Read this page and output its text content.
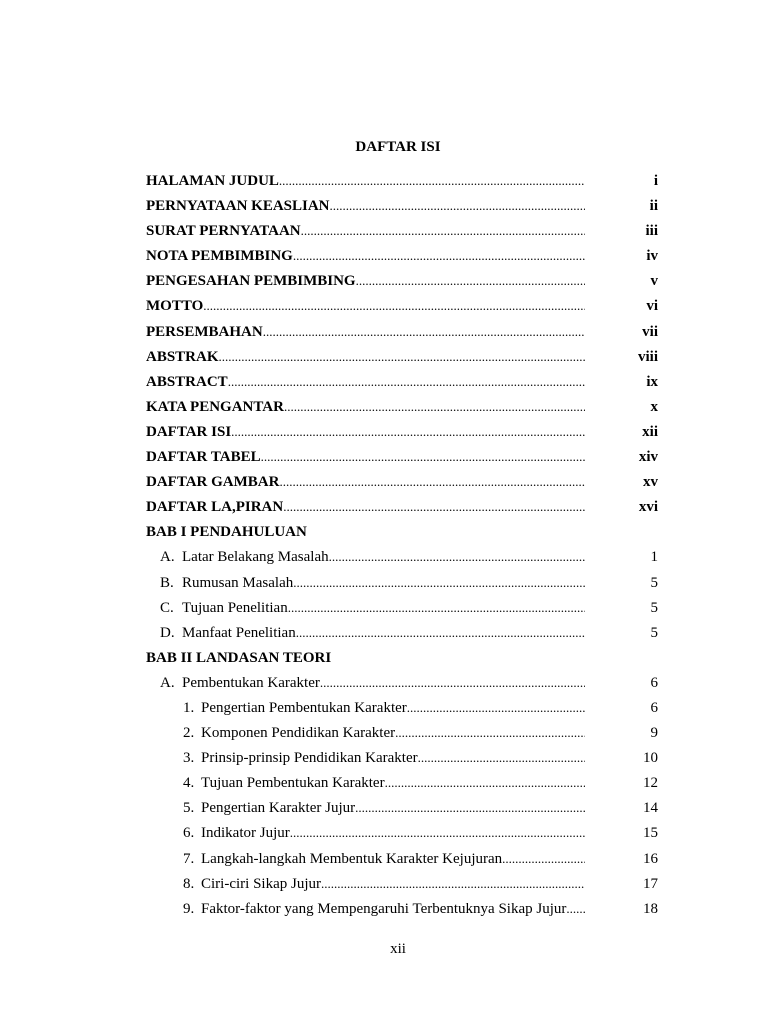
DAFTAR ISI
HALAMAN JUDUL .....	i
PERNYATAAN KEASLIAN .....	ii
SURAT PERNYATAAN .....	iii
NOTA PEMBIMBING .....	iv
PENGESAHAN PEMBIMBING .....	v
MOTTO .....	vi
PERSEMBAHAN .....	vii
ABSTRAK .....	viii
ABSTRACT .....	ix
KATA PENGANTAR .....	x
DAFTAR ISI .....	xii
DAFTAR TABEL .....	xiv
DAFTAR GAMBAR .....	xv
DAFTAR LA,PIRAN .....	xvi
BAB I PENDAHULUAN
A. Latar Belakang Masalah .....	1
B. Rumusan Masalah .....	5
C. Tujuan Penelitian .....	5
D. Manfaat Penelitian .....	5
BAB II LANDASAN TEORI
A. Pembentukan Karakter .....	6
1. Pengertian Pembentukan Karakter .....	6
2. Komponen Pendidikan Karakter .....	9
3. Prinsip-prinsip Pendidikan Karakter .....	10
4. Tujuan Pembentukan Karakter .....	12
5. Pengertian Karakter Jujur .....	14
6. Indikator Jujur .....	15
7. Langkah-langkah Membentuk Karakter Kejujuran .....	16
8. Ciri-ciri Sikap Jujur .....	17
9. Faktor-faktor yang Mempengaruhi Terbentuknya Sikap Jujur .....	18
xii
